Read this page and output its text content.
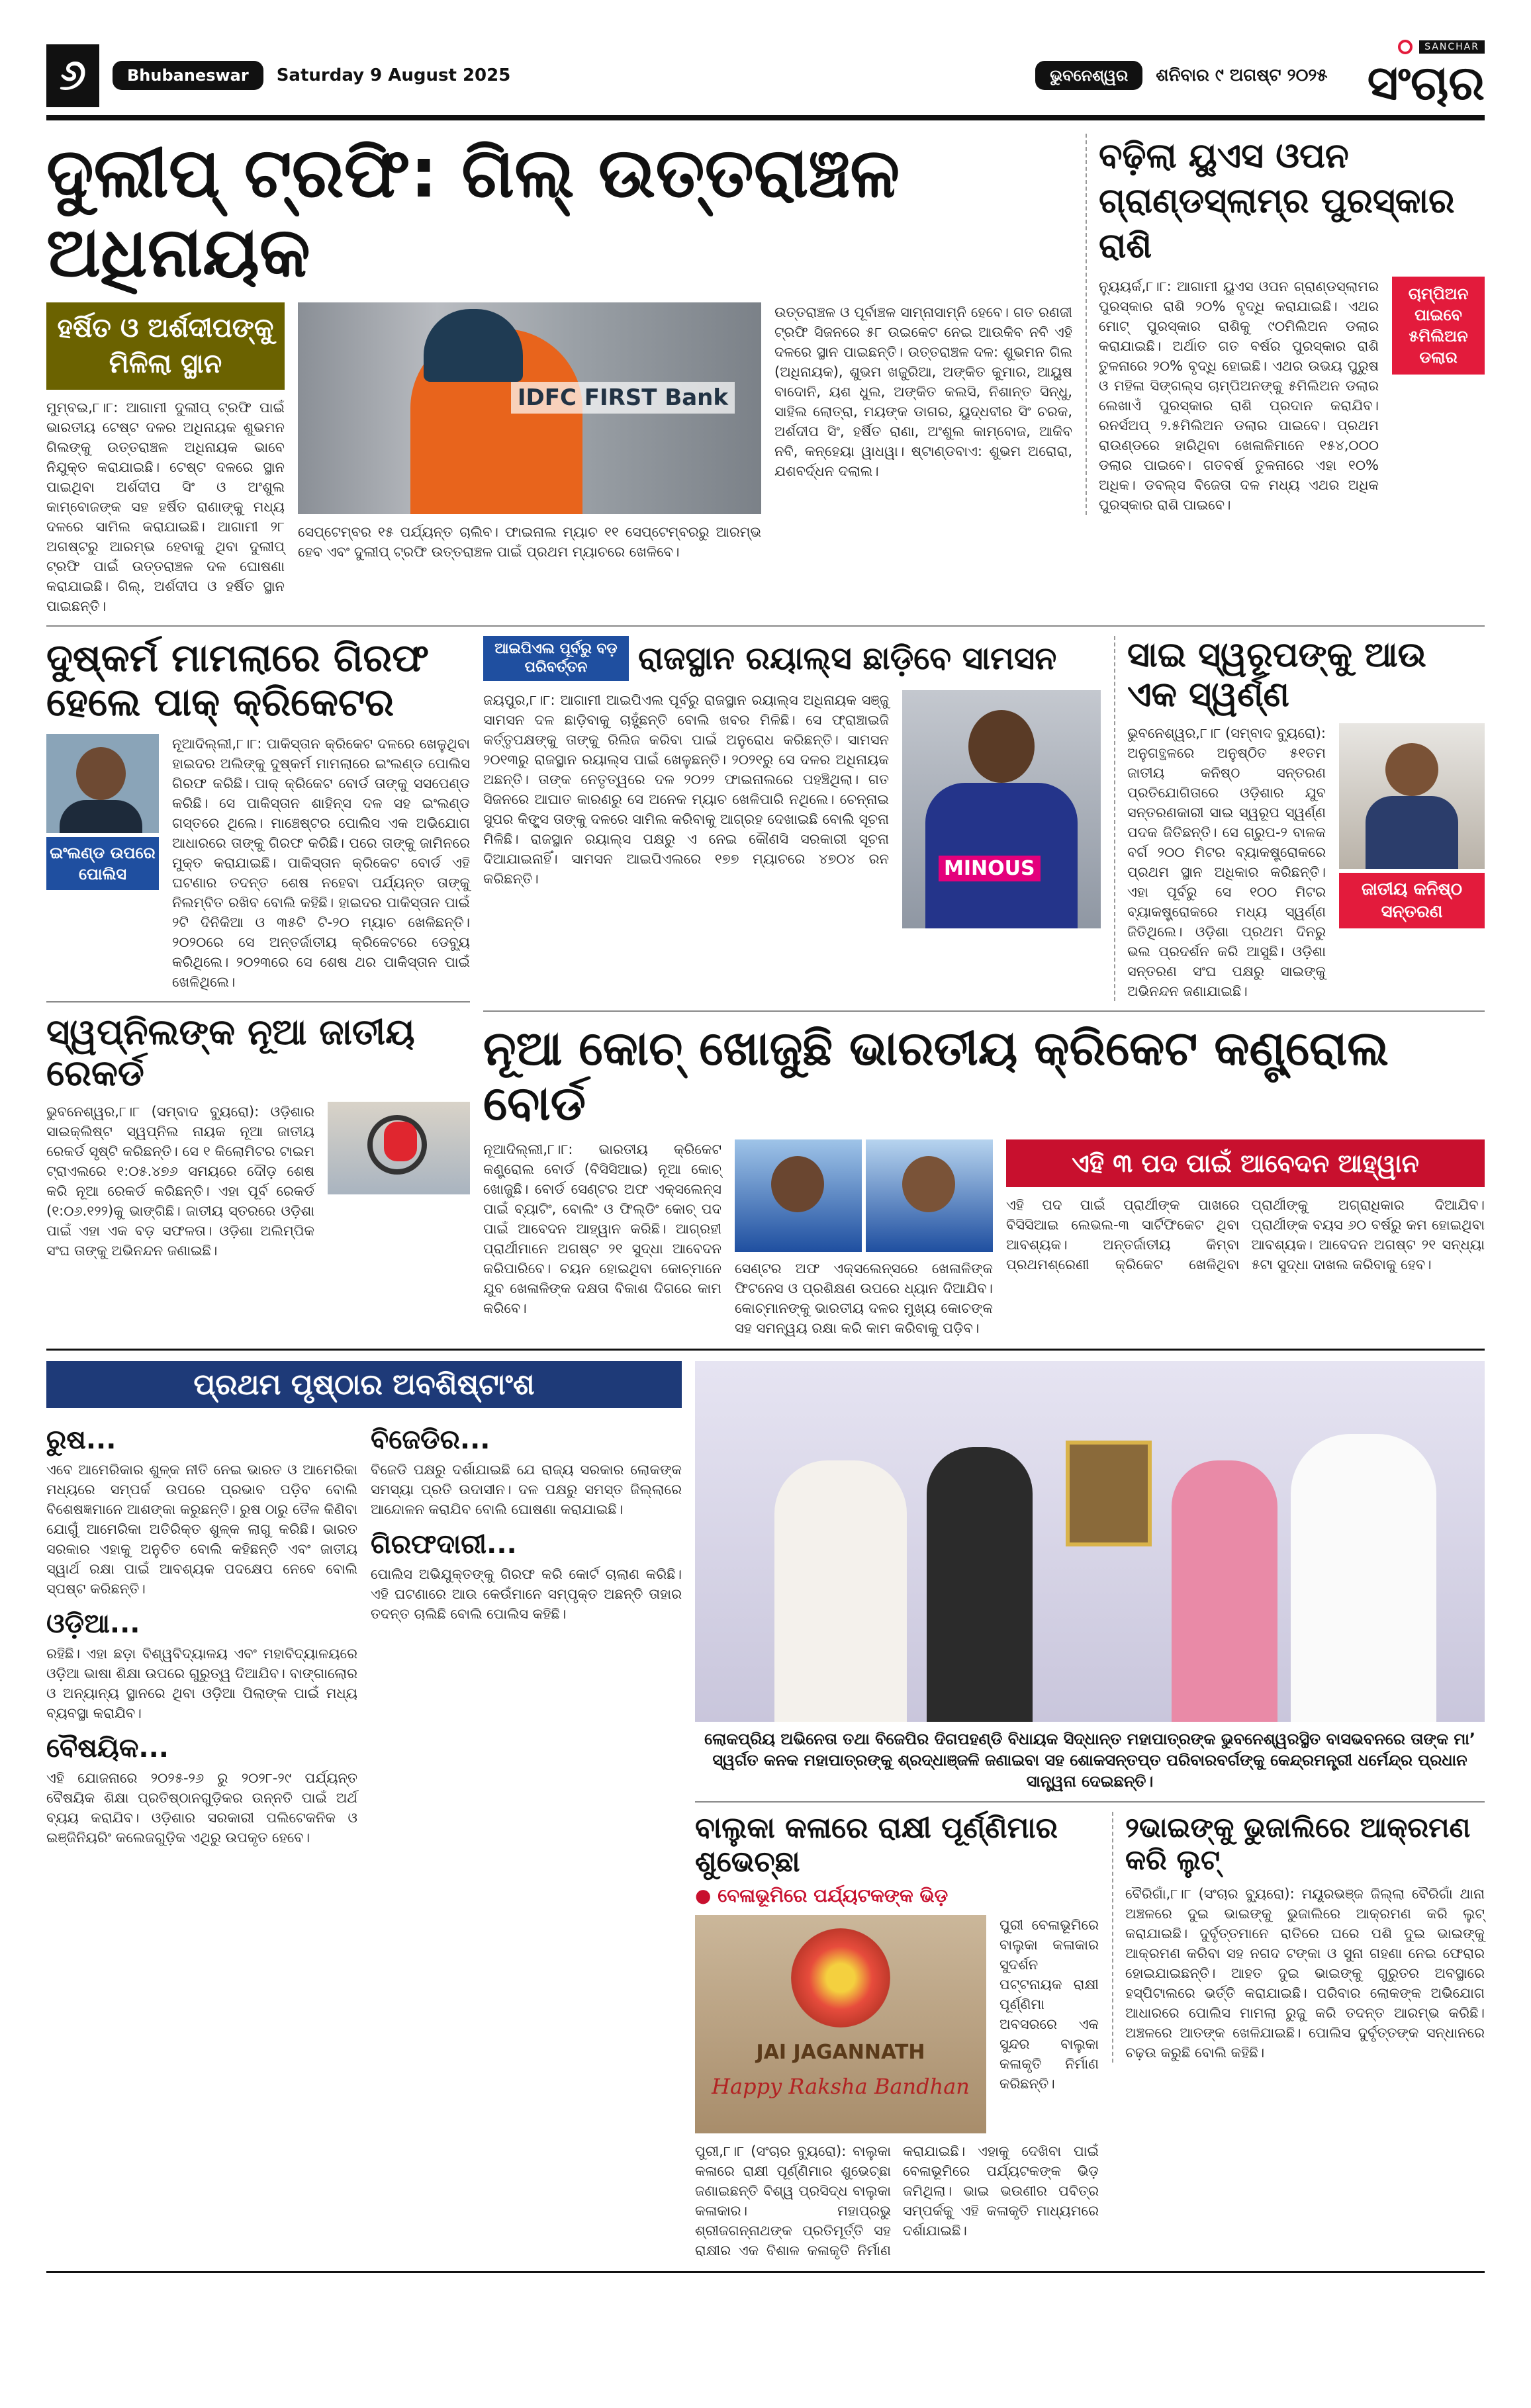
୬	Bhubaneswar	Saturday 9 August 2025	ଭୁବନେଶ୍ୱର	ଶନିବାର ୯ ଅଗଷ୍ଟ ୨୦୨୫
SANCHAR
ସଂଚାର
ଦୁଲୀପ୍ ଟ୍ରଫି: ଗିଲ୍ ଉତ୍ତରାଞ୍ଚଳ ଅଧିନାୟକ
ହର୍ଷିତ ଓ ଅର୍ଶଦୀପଙ୍କୁ ମିଳିଲା ସ୍ଥାନ
ମୁମ୍ବଇ,୮।୮: ଆଗାମୀ ଦୁଲୀପ୍ ଟ୍ରଫି ପାଇଁ ଭାରତୀୟ ଟେଷ୍ଟ ଦଳର ଅଧିନାୟକ ଶୁଭମନ ଗିଲଙ୍କୁ ଉତ୍ତରାଞ୍ଚଳ ଅଧିନାୟକ ଭାବେ ନିଯୁକ୍ତ କରାଯାଇଛି। ଟେଷ୍ଟ ଦଳରେ ସ୍ଥାନ ପାଇଥିବା ଅର୍ଶଦୀପ ସିଂ ଓ ଅଂଶୁଲ କାମ୍ବୋଜଙ୍କ ସହ ହର୍ଷିତ ରାଣାଙ୍କୁ ମଧ୍ୟ ଦଳରେ ସାମିଲ କରାଯାଇଛି। ଆଗାମୀ ୨୮ ଅଗଷ୍ଟରୁ ଆରମ୍ଭ ହେବାକୁ ଥିବା ଦୁଲୀପ୍ ଟ୍ରଫି ପାଇଁ ଉତ୍ତରାଞ୍ଚଳ ଦଳ ଘୋଷଣା କରାଯାଇଛି। ଗିଲ୍, ଅର୍ଶଦୀପ ଓ ହର୍ଷିତ ସ୍ଥାନ ପାଇଛନ୍ତି।
IDFC FIRST Bank
ସେପ୍ଟେମ୍ବର ୧୫ ପର୍ଯ୍ୟନ୍ତ ଚାଲିବ। ଫାଇନାଲ ମ୍ୟାଚ ୧୧ ସେପ୍ଟେମ୍ବରରୁ ଆରମ୍ଭ ହେବ ଏବଂ ଦୁଲୀପ୍ ଟ୍ରଫି ଉତ୍ତରାଞ୍ଚଳ ପାଇଁ ପ୍ରଥମ ମ୍ୟାଚରେ ଖେଳିବେ।
ଉତ୍ତରାଞ୍ଚଳ ଓ ପୂର୍ବାଞ୍ଚଳ ସାମ୍ନାସାମ୍ନି ହେବେ। ଗତ ରଣଜୀ ଟ୍ରଫି ସିଜନରେ ୫୮ ଉଇକେଟ ନେଇ ଆଉକିବ ନବି ଏହି ଦଳରେ ସ୍ଥାନ ପାଇଛନ୍ତି। ଉତ୍ତରାଞ୍ଚଳ ଦଳ: ଶୁଭମନ ଗିଲ (ଅଧିନାୟକ), ଶୁଭମ ଖଜୁରିଆ, ଅଙ୍କିତ କୁମାର, ଆୟୁଷ ବାଦୋନି, ୟଶ ଧୁଲ, ଅଙ୍କିତ କଲସି, ନିଶାନ୍ତ ସିନ୍ଧୁ, ସାହିଲ ଲୋତ୍ରା, ମୟଙ୍କ ଡାଗର, ୟୁଦ୍ଧବୀର ସିଂ ଚରକ, ଅର୍ଶଦୀପ ସିଂ, ହର୍ଷିତ ରାଣା, ଅଂଶୁଲ କାମ୍ବୋଜ, ଆକିବ ନବି, କନ୍ହେୟା ୱାଧୱା। ଷ୍ଟାଣ୍ଡବାଏ: ଶୁଭମ ଅରୋରା, ଯଶବର୍ଦ୍ଧନ ଦଲାଲ।
ବଢ଼ିଲା ୟୁଏସ ଓପନ ଗ୍ରାଣ୍ଡସ୍ଲାମ୍ର ପୁରସ୍କାର ରାଶି
ନ୍ୟୁୟର୍କ,୮।୮: ଆଗାମୀ ୟୁଏସ ଓପନ ଗ୍ରାଣ୍ଡସ୍ଲାମର ପୁରସ୍କାର ରାଶି ୨୦% ବୃଦ୍ଧି କରାଯାଇଛି। ଏଥର ମୋଟ୍ ପୁରସ୍କାର ରାଶିକୁ ୯୦ମିଲିଅନ ଡଲାର କରାଯାଇଛି। ଅର୍ଥାତ ଗତ ବର୍ଷର ପୁରସ୍କାର ରାଶି ତୁଳନାରେ ୨୦% ବୃଦ୍ଧି ହୋଇଛି। ଏଥର ଉଭୟ ପୁରୁଷ ଓ ମହିଳା ସିଙ୍ଗଲ୍ସ ଚାମ୍ପିଅନଙ୍କୁ ୫ମିଲିଅନ ଡଲାର ଲେଖାଏଁ ପୁରସ୍କାର ରାଶି ପ୍ରଦାନ କରାଯିବ। ରନର୍ସଅପ୍ ୨.୫ମିଲିଅନ ଡଲାର ପାଇବେ। ପ୍ରଥମ ରାଉଣ୍ଡରେ ହାରିଥିବା ଖେଳାଳିମାନେ ୧୫୪,୦୦୦ ଡଲାର ପାଇବେ। ଗତବର୍ଷ ତୁଳନାରେ ଏହା ୧୦% ଅଧିକ। ଡବଲ୍ସ ବିଜେତା ଦଳ ମଧ୍ୟ ଏଥର ଅଧିକ ପୁରସ୍କାର ରାଶି ପାଇବେ।
ଚାମ୍ପିଅନ ପାଇବେ ୫ମିଲିଅନ ଡଲାର
ଦୁଷ୍କର୍ମ ମାମଲାରେ ଗିରଫ ହେଲେ ପାକ୍ କ୍ରିକେଟର
ଇଂଲଣ୍ଡ ଉପରେ ପୋଲିସ
ନୂଆଦିଲ୍ଲୀ,୮।୮: ପାକିସ୍ତାନ କ୍ରିକେଟ ଦଳରେ ଖେଳୁଥିବା ହାଇଦର ଅଲିଙ୍କୁ ଦୁଷ୍କର୍ମ ମାମଲାରେ ଇଂଲଣ୍ଡ ପୋଲିସ ଗିରଫ କରିଛି। ପାକ୍ କ୍ରିକେଟ ବୋର୍ଡ ତାଙ୍କୁ ସସପେଣ୍ଡ କରିଛି। ସେ ପାକିସ୍ତାନ ଶାହିନ୍ସ ଦଳ ସହ ଇଂଲଣ୍ଡ ଗସ୍ତରେ ଥିଲେ। ମାଞ୍ଚେଷ୍ଟର ପୋଲିସ ଏକ ଅଭିଯୋଗ ଆଧାରରେ ତାଙ୍କୁ ଗିରଫ କରିଛି। ପରେ ତାଙ୍କୁ ଜାମିନରେ ମୁକ୍ତ କରାଯାଇଛି। ପାକିସ୍ତାନ କ୍ରିକେଟ ବୋର୍ଡ ଏହି ଘଟଣାର ତଦନ୍ତ ଶେଷ ନହେବା ପର୍ଯ୍ୟନ୍ତ ତାଙ୍କୁ ନିଲମ୍ବିତ ରଖିବ ବୋଲି କହିଛି। ହାଇଦର ପାକିସ୍ତାନ ପାଇଁ ୨ଟି ଦିନିକିଆ ଓ ୩୫ଟି ଟି-୨୦ ମ୍ୟାଚ ଖେଳିଛନ୍ତି। ୨୦୨୦ରେ ସେ ଅନ୍ତର୍ଜାତୀୟ କ୍ରିକେଟରେ ଡେବ୍ୟୁ କରିଥିଲେ। ୨୦୨୩ରେ ସେ ଶେଷ ଥର ପାକିସ୍ତାନ ପାଇଁ ଖେଳିଥିଲେ।
ସ୍ୱପ୍ନିଲଙ୍କ ନୂଆ ଜାତୀୟ ରେକର୍ଡ
ଭୁବନେଶ୍ୱର,୮।୮ (ସମ୍ବାଦ ବ୍ୟୁରୋ): ଓଡ଼ିଶାର ସାଇକ୍ଲିଷ୍ଟ ସ୍ୱପ୍ନିଲ ନାୟକ ନୂଆ ଜାତୀୟ ରେକର୍ଡ ସୃଷ୍ଟି କରିଛନ୍ତି। ସେ ୧ କିଲୋମିଟର ଟାଇମ ଟ୍ରାଏଲରେ ୧:୦୫.୪୭୬ ସମୟରେ ଦୌଡ଼ ଶେଷ କରି ନୂଆ ରେକର୍ଡ କରିଛନ୍ତି। ଏହା ପୂର୍ବ ରେକର୍ଡ (୧:୦୬.୧୨୨)କୁ ଭାଙ୍ଗିଛି। ଜାତୀୟ ସ୍ତରରେ ଓଡ଼ିଶା ପାଇଁ ଏହା ଏକ ବଡ଼ ସଫଳତା। ଓଡ଼ିଶା ଅଲିମ୍ପିକ ସଂଘ ତାଙ୍କୁ ଅଭିନନ୍ଦନ ଜଣାଇଛି।
ଆଇପିଏଲ ପୂର୍ବରୁ ବଡ଼ ପରିବର୍ତ୍ତନ	ରାଜସ୍ଥାନ ରୟାଲ୍ସ ଛାଡ଼ିବେ ସାମସନ
ଜୟପୁର,୮।୮: ଆଗାମୀ ଆଇପିଏଲ ପୂର୍ବରୁ ରାଜସ୍ଥାନ ରୟାଲ୍ସ ଅଧିନାୟକ ସଞ୍ଜୁ ସାମସନ ଦଳ ଛାଡ଼ିବାକୁ ଚାହୁଁଛନ୍ତି ବୋଲି ଖବର ମିଳିଛି। ସେ ଫ୍ରାଞ୍ଚାଇଜି କର୍ତ୍ତୃପକ୍ଷଙ୍କୁ ତାଙ୍କୁ ରିଲିଜ କରିବା ପାଇଁ ଅନୁରୋଧ କରିଛନ୍ତି। ସାମସନ ୨୦୧୩ରୁ ରାଜସ୍ଥାନ ରୟାଲ୍ସ ପାଇଁ ଖେଳୁଛନ୍ତି। ୨୦୨୧ରୁ ସେ ଦଳର ଅଧିନାୟକ ଅଛନ୍ତି। ତାଙ୍କ ନେତୃତ୍ୱରେ ଦଳ ୨୦୨୨ ଫାଇନାଲରେ ପହଞ୍ଚିଥିଲା। ଗତ ସିଜନରେ ଆଘାତ କାରଣରୁ ସେ ଅନେକ ମ୍ୟାଚ ଖେଳିପାରି ନଥିଲେ। ଚେନ୍ନାଇ ସୁପର କିଙ୍ଗ୍ସ ତାଙ୍କୁ ଦଳରେ ସାମିଲ କରିବାକୁ ଆଗ୍ରହ ଦେଖାଇଛି ବୋଲି ସୂଚନା ମିଳିଛି। ରାଜସ୍ଥାନ ରୟାଲ୍ସ ପକ୍ଷରୁ ଏ ନେଇ କୌଣସି ସରକାରୀ ସୂଚନା ଦିଆଯାଇନାହିଁ। ସାମସନ ଆଇପିଏଲରେ ୧୭୭ ମ୍ୟାଚରେ ୪୭୦୪ ରନ କରିଛନ୍ତି।	MINOUS
ସାଇ ସ୍ୱରୂପଙ୍କୁ ଆଉ ଏକ ସ୍ୱର୍ଣ୍ଣ
ଭୁବନେଶ୍ୱର,୮।୮ (ସମ୍ବାଦ ବ୍ୟୁରୋ): ଅନୁଗତ୍ଥଳରେ ଅନୁଷ୍ଠିତ ୫୧ତମ ଜାତୀୟ କନିଷ୍ଠ ସନ୍ତରଣ ପ୍ରତିଯୋଗିତାରେ ଓଡ଼ିଶାର ଯୁବ ସନ୍ତରଣକାରୀ ସାଇ ସ୍ୱରୂପ ସ୍ୱର୍ଣ୍ଣ ପଦକ ଜିତିଛନ୍ତି। ସେ ଗ୍ରୁପ-୨ ବାଳକ ବର୍ଗ ୨୦୦ ମିଟର ବ୍ୟାକଷ୍ଟ୍ରୋକରେ ପ୍ରଥମ ସ୍ଥାନ ଅଧିକାର କରିଛନ୍ତି। ଏହା ପୂର୍ବରୁ ସେ ୧୦୦ ମିଟର ବ୍ୟାକଷ୍ଟ୍ରୋକରେ ମଧ୍ୟ ସ୍ୱର୍ଣ୍ଣ ଜିତିଥିଲେ। ଓଡ଼ିଶା ପ୍ରଥମ ଦିନରୁ ଭଲ ପ୍ରଦର୍ଶନ କରି ଆସୁଛି। ଓଡ଼ିଶା ସନ୍ତରଣ ସଂଘ ପକ୍ଷରୁ ସାଇଙ୍କୁ ଅଭିନନ୍ଦନ ଜଣାଯାଇଛି।
ଜାତୀୟ କନିଷ୍ଠ ସନ୍ତରଣ
ନୂଆ କୋଚ୍ ଖୋଜୁଛି ଭାରତୀୟ କ୍ରିକେଟ କଣ୍ଟ୍ରୋଲ ବୋର୍ଡ
ନୂଆଦିଲ୍ଲୀ,୮।୮: ଭାରତୀୟ କ୍ରିକେଟ କଣ୍ଟ୍ରୋଲ ବୋର୍ଡ (ବିସିସିଆଇ) ନୂଆ କୋଚ୍ ଖୋଜୁଛି। ବୋର୍ଡ ସେଣ୍ଟର ଅଫ ଏକ୍ସଲେନ୍ସ ପାଇଁ ବ୍ୟାଟିଂ, ବୋଲିଂ ଓ ଫିଲ୍ଡିଂ କୋଚ୍ ପଦ ପାଇଁ ଆବେଦନ ଆହ୍ୱାନ କରିଛି। ଆଗ୍ରହୀ ପ୍ରାର୍ଥୀମାନେ ଅଗଷ୍ଟ ୨୧ ସୁଦ୍ଧା ଆବେଦନ କରିପାରିବେ। ଚୟନ ହୋଇଥିବା କୋଚ୍ମାନେ ଯୁବ ଖେଳାଳିଙ୍କ ଦକ୍ଷତା ବିକାଶ ଦିଗରେ କାମ କରିବେ।
ସେଣ୍ଟର ଅଫ ଏକ୍ସଲେନ୍ସରେ ଖେଳାଳିଙ୍କ ଫିଟନେସ ଓ ପ୍ରଶିକ୍ଷଣ ଉପରେ ଧ୍ୟାନ ଦିଆଯିବ। କୋଚ୍ମାନଙ୍କୁ ଭାରତୀୟ ଦଳର ମୁଖ୍ୟ କୋଚଙ୍କ ସହ ସମନ୍ୱୟ ରକ୍ଷା କରି କାମ କରିବାକୁ ପଡ଼ିବ।
ଏହି ୩ ପଦ ପାଇଁ ଆବେଦନ ଆହ୍ୱାନ
ଏହି ପଦ ପାଇଁ ପ୍ରାର୍ଥୀଙ୍କ ପାଖରେ ବିସିସିଆଇ ଲେଭଲ-୩ ସାର୍ଟିଫିକେଟ ଥିବା ଆବଶ୍ୟକ। ଅନ୍ତର୍ଜାତୀୟ କିମ୍ବା ପ୍ରଥମଶ୍ରେଣୀ କ୍ରିକେଟ ଖେଳିଥିବା ପ୍ରାର୍ଥୀଙ୍କୁ ଅଗ୍ରାଧିକାର ଦିଆଯିବ। ପ୍ରାର୍ଥୀଙ୍କ ବୟସ ୬୦ ବର୍ଷରୁ କମ ହୋଇଥିବା ଆବଶ୍ୟକ। ଆବେଦନ ଅଗଷ୍ଟ ୨୧ ସନ୍ଧ୍ୟା ୫ଟା ସୁଦ୍ଧା ଦାଖଲ କରିବାକୁ ହେବ।
ପ୍ରଥମ ପୃଷ୍ଠାର ଅବଶିଷ୍ଟାଂଶ
ରୁଷ...
ଏବେ ଆମେରିକାର ଶୁଳ୍କ ନୀତି ନେଇ ଭାରତ ଓ ଆମେରିକା ମଧ୍ୟରେ ସମ୍ପର୍କ ଉପରେ ପ୍ରଭାବ ପଡ଼ିବ ବୋଲି ବିଶେଷଜ୍ଞମାନେ ଆଶଙ୍କା କରୁଛନ୍ତି। ରୁଷ ଠାରୁ ତୈଳ କିଣିବା ଯୋଗୁଁ ଆମେରିକା ଅତିରିକ୍ତ ଶୁଳ୍କ ଲାଗୁ କରିଛି। ଭାରତ ସରକାର ଏହାକୁ ଅନୁଚିତ ବୋଲି କହିଛନ୍ତି ଏବଂ ଜାତୀୟ ସ୍ୱାର୍ଥ ରକ୍ଷା ପାଇଁ ଆବଶ୍ୟକ ପଦକ୍ଷେପ ନେବେ ବୋଲି ସ୍ପଷ୍ଟ କରିଛନ୍ତି।
ଓଡ଼ିଆ...
ରହିଛି। ଏହା ଛଡ଼ା ବିଶ୍ୱବିଦ୍ୟାଳୟ ଏବଂ ମହାବିଦ୍ୟାଳୟରେ ଓଡ଼ିଆ ଭାଷା ଶିକ୍ଷା ଉପରେ ଗୁରୁତ୍ୱ ଦିଆଯିବ। ବାଙ୍ଗାଲୋର ଓ ଅନ୍ୟାନ୍ୟ ସ୍ଥାନରେ ଥିବା ଓଡ଼ିଆ ପିଲାଙ୍କ ପାଇଁ ମଧ୍ୟ ବ୍ୟବସ୍ଥା କରାଯିବ।
ବୈଷୟିକ...
ଏହି ଯୋଜନାରେ ୨୦୨୫-୨୬ ରୁ ୨୦୨୮-୨୯ ପର୍ଯ୍ୟନ୍ତ ବୈଷୟିକ ଶିକ୍ଷା ପ୍ରତିଷ୍ଠାନଗୁଡ଼ିକର ଉନ୍ନତି ପାଇଁ ଅର୍ଥ ବ୍ୟୟ କରାଯିବ। ଓଡ଼ିଶାର ସରକାରୀ ପଲିଟେକନିକ ଓ ଇଞ୍ଜିନିୟରିଂ କଲେଜଗୁଡ଼ିକ ଏଥିରୁ ଉପକୃତ ହେବେ।
ବିଜେଡିର...
ବିଜେଡି ପକ୍ଷରୁ ଦର୍ଶାଯାଇଛି ଯେ ରାଜ୍ୟ ସରକାର ଲୋକଙ୍କ ସମସ୍ୟା ପ୍ରତି ଉଦାସୀନ। ଦଳ ପକ୍ଷରୁ ସମସ୍ତ ଜିଲ୍ଲାରେ ଆନ୍ଦୋଳନ କରାଯିବ ବୋଲି ଘୋଷଣା କରାଯାଇଛି।
ଗିରଫଦାରୀ...
ପୋଲିସ ଅଭିଯୁକ୍ତଙ୍କୁ ଗିରଫ କରି କୋର୍ଟ ଚାଲାଣ କରିଛି। ଏହି ଘଟଣାରେ ଆଉ କେଉଁମାନେ ସମ୍ପୃକ୍ତ ଅଛନ୍ତି ତାହାର ତଦନ୍ତ ଚାଲିଛି ବୋଲି ପୋଲିସ କହିଛି।
ଲୋକପ୍ରିୟ ଅଭିନେତା ତଥା ବିଜେପିର ଦିଗପହଣ୍ଡି ବିଧାୟକ ସିଦ୍ଧାନ୍ତ ମହାପାତ୍ରଙ୍କ ଭୁବନେଶ୍ୱରସ୍ଥିତ ବାସଭବନରେ ତାଙ୍କ ମା’ ସ୍ୱର୍ଗତ କନକ ମହାପାତ୍ରଙ୍କୁ ଶ୍ରଦ୍ଧାଞ୍ଜଳି ଜଣାଇବା ସହ ଶୋକସନ୍ତପ୍ତ ପରିବାରବର୍ଗଙ୍କୁ କେନ୍ଦ୍ରମନ୍ତ୍ରୀ ଧର୍ମେନ୍ଦ୍ର ପ୍ରଧାନ ସାନ୍ତ୍ୱନା ଦେଇଛନ୍ତି।
ବାଲୁକା କଳାରେ ରାକ୍ଷୀ ପୂର୍ଣ୍ଣିମାର ଶୁଭେଚ୍ଛା
● ବେଳାଭୂମିରେ ପର୍ଯ୍ୟଟକଙ୍କ ଭିଡ଼
JAI JAGANNATH
Happy Raksha Bandhan
ପୁରୀ ବେଳାଭୂମିରେ ବାଲୁକା କଳାକାର ସୁଦର୍ଶନ ପଟ୍ଟନାୟକ ରାକ୍ଷୀ ପୂର୍ଣ୍ଣିମା ଅବସରରେ ଏକ ସୁନ୍ଦର ବାଲୁକା କଳାକୃତି ନିର୍ମାଣ କରିଛନ୍ତି।
ପୁରୀ,୮।୮ (ସଂଚାର ବ୍ୟୁରୋ): ବାଲୁକା କଳାରେ ରାକ୍ଷୀ ପୂର୍ଣ୍ଣିମାର ଶୁଭେଚ୍ଛା ଜଣାଇଛନ୍ତି ବିଶ୍ୱ ପ୍ରସିଦ୍ଧ ବାଲୁକା କଳାକାର। ମହାପ୍ରଭୁ ଶ୍ରୀଜଗନ୍ନାଥଙ୍କ ପ୍ରତିମୂର୍ତ୍ତି ସହ ରାକ୍ଷୀର ଏକ ବିଶାଳ କଳାକୃତି ନିର୍ମାଣ କରାଯାଇଛି। ଏହାକୁ ଦେଖିବା ପାଇଁ ବେଳାଭୂମିରେ ପର୍ଯ୍ୟଟକଙ୍କ ଭିଡ଼ ଜମିଥିଲା। ଭାଇ ଭଉଣୀର ପବିତ୍ର ସମ୍ପର୍କକୁ ଏହି କଳାକୃତି ମାଧ୍ୟମରେ ଦର୍ଶାଯାଇଛି।
୨ଭାଇଙ୍କୁ ଭୁଜାଲିରେ ଆକ୍ରମଣ କରି ଲୁଟ୍
ବୈରିଗାଁ,୮।୮ (ସଂଚାର ବ୍ୟୁରୋ): ମୟୂରଭଞ୍ଜ ଜିଲ୍ଲା ବୈରିଗାଁ ଥାନା ଅଞ୍ଚଳରେ ଦୁଇ ଭାଇଙ୍କୁ ଭୁଜାଲିରେ ଆକ୍ରମଣ କରି ଲୁଟ୍ କରାଯାଇଛି। ଦୁର୍ବୃତ୍ତମାନେ ରାତିରେ ଘରେ ପଶି ଦୁଇ ଭାଇଙ୍କୁ ଆକ୍ରମଣ କରିବା ସହ ନଗଦ ଟଙ୍କା ଓ ସୁନା ଗହଣା ନେଇ ଫେରାର ହୋଇଯାଇଛନ୍ତି। ଆହତ ଦୁଇ ଭାଇଙ୍କୁ ଗୁରୁତର ଅବସ୍ଥାରେ ହସ୍ପିଟାଲରେ ଭର୍ତ୍ତି କରାଯାଇଛି। ପରିବାର ଲୋକଙ୍କ ଅଭିଯୋଗ ଆଧାରରେ ପୋଲିସ ମାମଲା ରୁଜୁ କରି ତଦନ୍ତ ଆରମ୍ଭ କରିଛି। ଅଞ୍ଚଳରେ ଆତଙ୍କ ଖେଳିଯାଇଛି। ପୋଲିସ ଦୁର୍ବୃତ୍ତଙ୍କ ସନ୍ଧାନରେ ଚଢ଼ଉ କରୁଛି ବୋଲି କହିଛି।
